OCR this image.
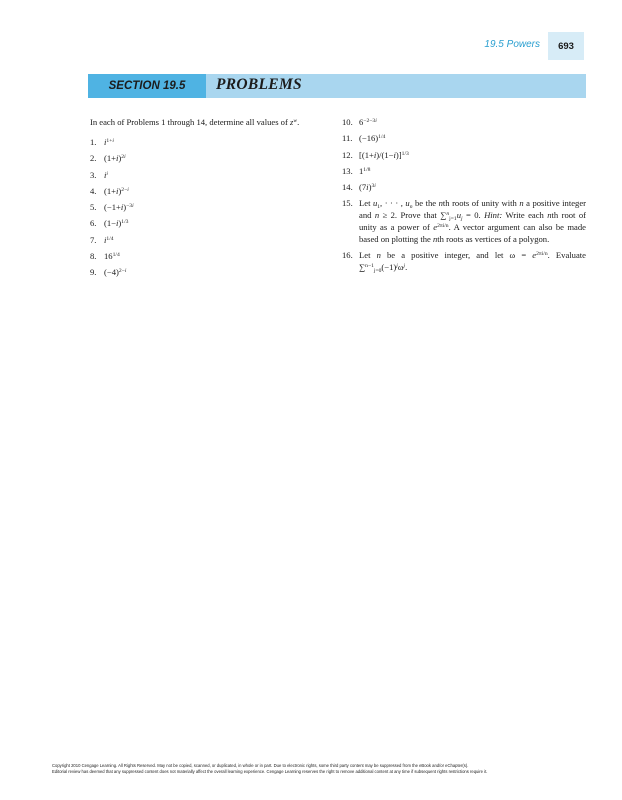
19.5 Powers	693
SECTION 19.5	PROBLEMS

In each of Problems 1 through 14, determine all values of $z^w$.

1. $i^{1+i}$
2. $(1+i)^{2i}$
3. $i^i$
4. $(1+i)^{2-i}$
5. $(-1+i)^{-3i}$
6. $(1-i)^{1/3}$
7. $i^{1/4}$
8. $16^{1/4}$
9. $(-4)^{2-i}$
10. $6^{-2-3i}$
11. $(-16)^{1/4}$
12. $[(1+i)/(1-i)]^{1/3}$
13. $1^{1/8}$
14. $(7i)^{3i}$
15. Let $u_1$, · · · , $u_n$ be the nth roots of unity with n a positive integer and n ≥ 2. Prove that $\sum^n_{j=1}u_j = 0$. Hint: Write each nth root of unity as a power of $e^{2\pi i/n}$. A vector argument can also be made based on plotting the nth roots as vertices of a polygon.
16. Let n be a positive integer, and let $\omega = e^{2\pi i/n}$. Evaluate $\sum^{n-1}_{j=0}(-1)^j\omega^j$.
Copyright 2010 Cengage Learning. All Rights Reserved. May not be copied, scanned, or duplicated, in whole or in part. Due to electronic rights, some third party content may be suppressed from the eBook and/or eChapter(s).
Editorial review has deemed that any suppressed content does not materially affect the overall learning experience. Cengage Learning reserves the right to remove additional content at any time if subsequent rights restrictions require it.
